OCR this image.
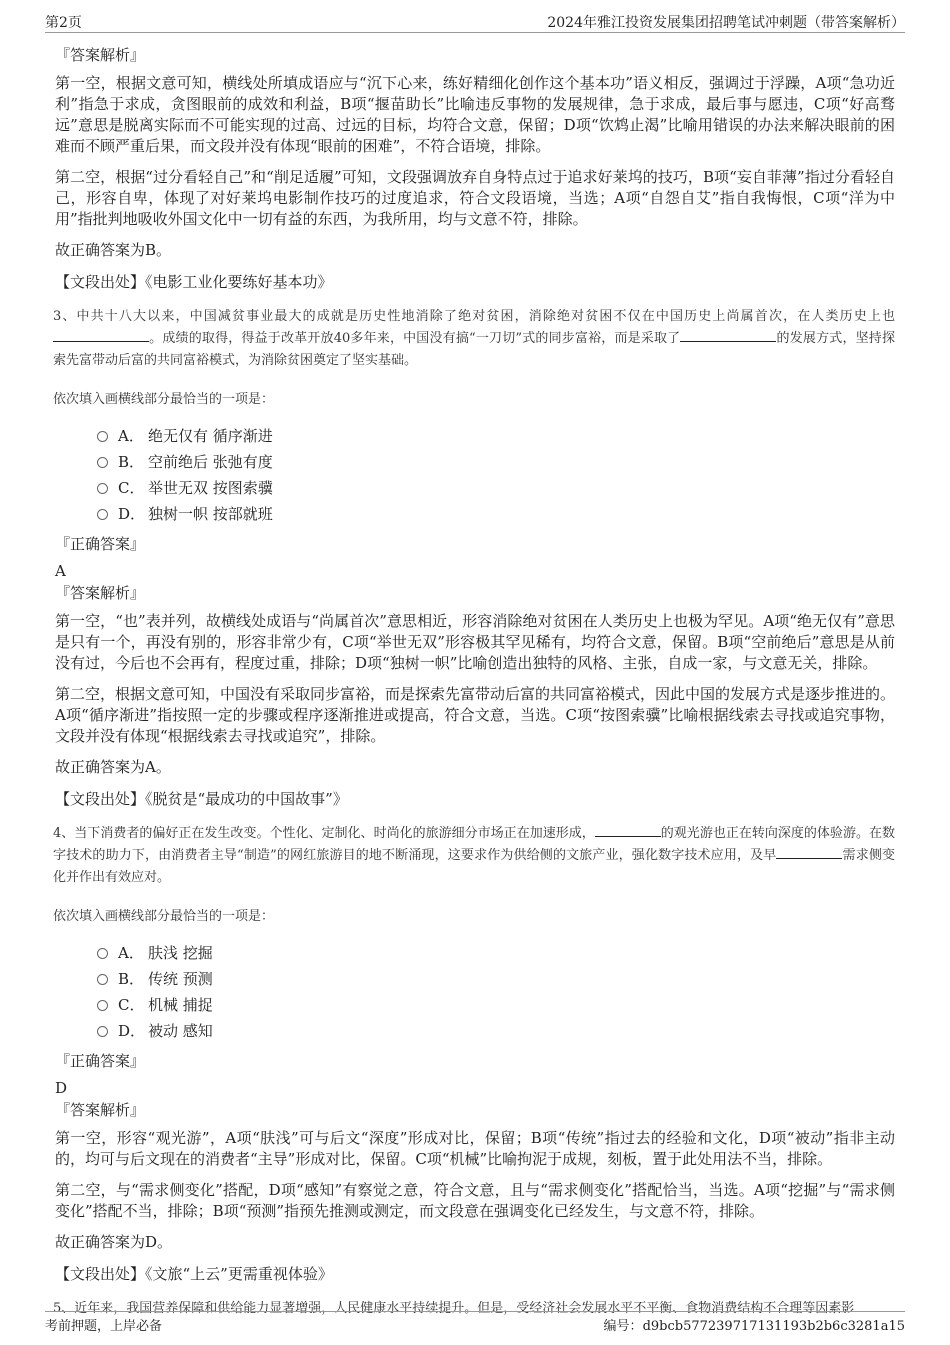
第2页	2024年雅江投资发展集团招聘笔试冲刺题（带答案解析）
『答案解析』

第一空，根据文意可知，横线处所填成语应与“沉下心来，练好精细化创作这个基本功”语义相反，强调过于浮躁，A项“急功近利”指急于求成，贪图眼前的成效和利益，B项“揠苗助长”比喻违反事物的发展规律，急于求成，最后事与愿违，C项“好高骛远”意思是脱离实际而不可能实现的过高、过远的目标，均符合文意，保留；D项“饮鸩止渴”比喻用错误的办法来解决眼前的困难而不顾严重后果，而文段并没有体现“眼前的困难”，不符合语境，排除。

第二空，根据“过分看轻自己”和“削足适履”可知，文段强调放弃自身特点过于追求好莱坞的技巧，B项“妄自菲薄”指过分看轻自己，形容自卑，体现了对好莱坞电影制作技巧的过度追求，符合文段语境，当选；A项“自怨自艾”指自我悔恨，C项“洋为中用”指批判地吸收外国文化中一切有益的东西，为我所用，均与文意不符，排除。

故正确答案为B。

【文段出处】《电影工业化要练好基本功》

3、中共十八大以来，中国减贫事业最大的成就是历史性地消除了绝对贫困，消除绝对贫困不仅在中国历史上尚属首次，在人类历史上也。成绩的取得，得益于改革开放40多年来，中国没有搞“一刀切”式的同步富裕，而是采取了	的发展方式，坚持探索先富带动后富的共同富裕模式，为消除贫困奠定了坚实基础。

依次填入画横线部分最恰当的一项是：
A． 绝无仅有 循序渐进
B． 空前绝后 张弛有度
C． 举世无双 按图索骥
D． 独树一帜 按部就班
『正确答案』
A
『答案解析』

第一空，“也”表并列，故横线处成语与“尚属首次”意思相近，形容消除绝对贫困在人类历史上也极为罕见。A项“绝无仅有”意思是只有一个，再没有别的，形容非常少有，C项“举世无双”形容极其罕见稀有，均符合文意，保留。B项“空前绝后”意思是从前没有过，今后也不会再有，程度过重，排除；D项“独树一帜”比喻创造出独特的风格、主张，自成一家，与文意无关，排除。

第二空，根据文意可知，中国没有采取同步富裕，而是探索先富带动后富的共同富裕模式，因此中国的发展方式是逐步推进的。A项“循序渐进”指按照一定的步骤或程序逐渐推进或提高，符合文意，当选。C项“按图索骥”比喻根据线索去寻找或追究事物，文段并没有体现“根据线索去寻找或追究”，排除。

故正确答案为A。

【文段出处】《脱贫是“最成功的中国故事”》

4、当下消费者的偏好正在发生改变。个性化、定制化、时尚化的旅游细分市场正在加速形成，	的观光游也正在转向深度的体验游。在数字技术的助力下，由消费者主导“制造”的网红旅游目的地不断涌现，这要求作为供给侧的文旅产业，强化数字技术应用，及早	需求侧变化并作出有效应对。

依次填入画横线部分最恰当的一项是：
A． 肤浅 挖掘
B． 传统 预测
C． 机械 捕捉
D． 被动 感知
『正确答案』
D
『答案解析』

第一空，形容“观光游”，A项“肤浅”可与后文“深度”形成对比，保留；B项“传统”指过去的经验和文化，D项“被动”指非主动的，均可与后文现在的消费者“主导”形成对比，保留。C项“机械”比喻拘泥于成规，刻板，置于此处用法不当，排除。

第二空，与“需求侧变化”搭配，D项“感知”有察觉之意，符合文意，且与“需求侧变化”搭配恰当，当选。A项“挖掘”与“需求侧变化”搭配不当，排除；B项“预测”指预先推测或测定，而文段意在强调变化已经发生，与文意不符，排除。

故正确答案为D。

【文段出处】《文旅“上云”更需重视体验》

5、近年来，我国营养保障和供给能力显著增强，人民健康水平持续提升。但是，受经济社会发展水平不平衡、食物消费结构不合理等因素影

考前押题，上岸必备	编号：d9bcb577239717131193b2b6c3281a15
